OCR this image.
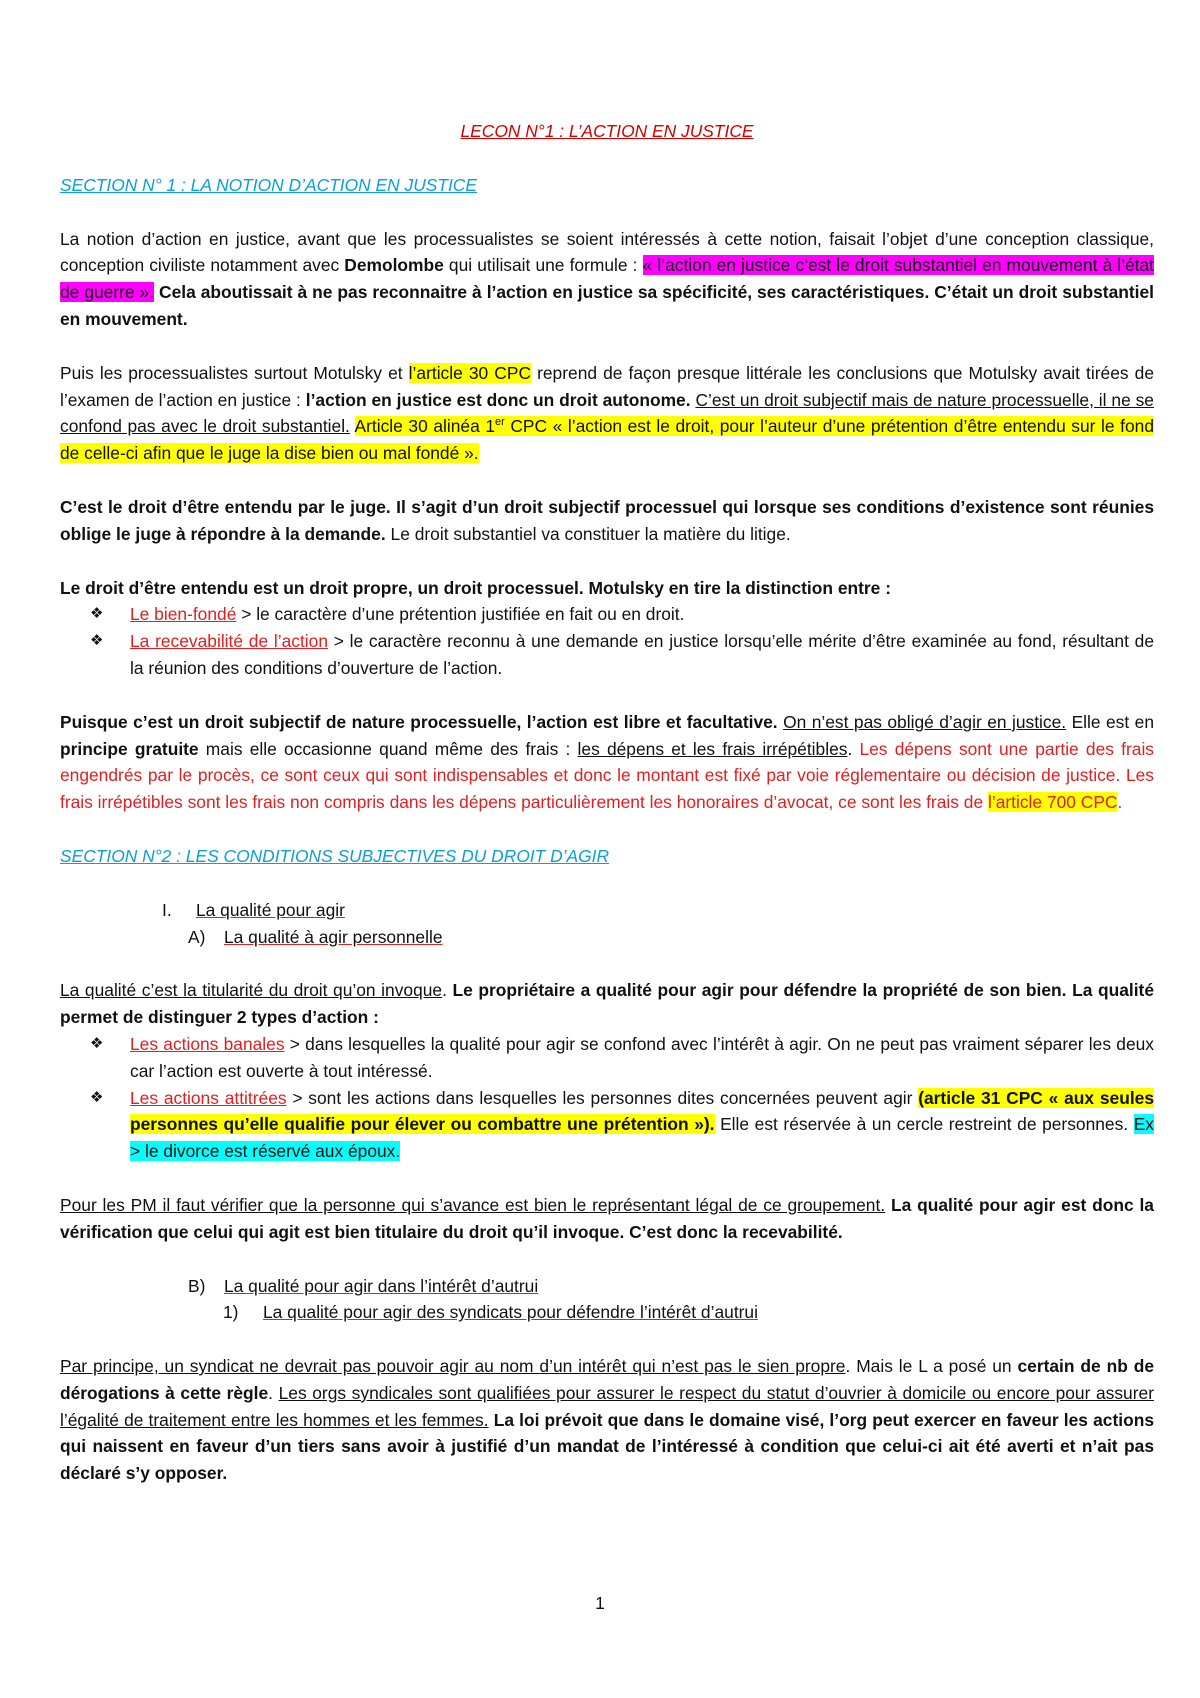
LECON N°1 : L’ACTION EN JUSTICE

SECTION N° 1 : LA NOTION D’ACTION EN JUSTICE

La notion d’action en justice, avant que les processualistes se soient intéressés à cette notion, faisait l’objet d’une conception classique, conception civiliste notamment avec Demolombe qui utilisait une formule : « l’action en justice c’est le droit substantiel en mouvement à l’état de guerre ». Cela aboutissait à ne pas reconnaitre à l’action en justice sa spécificité, ses caractéristiques. C’était un droit substantiel en mouvement.

Puis les processualistes surtout Motulsky et l’article 30 CPC reprend de façon presque littérale les conclusions que Motulsky avait tirées de l’examen de l’action en justice : l’action en justice est donc un droit autonome. C’est un droit subjectif mais de nature processuelle, il ne se confond pas avec le droit substantiel. Article 30 alinéa 1er CPC « l’action est le droit, pour l’auteur d’une prétention d’être entendu sur le fond de celle-ci afin que le juge la dise bien ou mal fondé ».

C’est le droit d’être entendu par le juge. Il s’agit d’un droit subjectif processuel qui lorsque ses conditions d’existence sont réunies oblige le juge à répondre à la demande. Le droit substantiel va constituer la matière du litige.

Le droit d’être entendu est un droit propre, un droit processuel. Motulsky en tire la distinction entre :

❖ Le bien-fondé > le caractère d’une prétention justifiée en fait ou en droit.
❖ La recevabilité de l’action > le caractère reconnu à une demande en justice lorsqu’elle mérite d’être examinée au fond, résultant de la réunion des conditions d’ouverture de l’action.

Puisque c’est un droit subjectif de nature processuelle, l’action est libre et facultative. On n’est pas obligé d’agir en justice. Elle est en principe gratuite mais elle occasionne quand même des frais : les dépens et les frais irrépétibles. Les dépens sont une partie des frais engendrés par le procès, ce sont ceux qui sont indispensables et donc le montant est fixé par voie réglementaire ou décision de justice. Les frais irrépétibles sont les frais non compris dans les dépens particulièrement les honoraires d’avocat, ce sont les frais de l’article 700 CPC.

SECTION N°2 : LES CONDITIONS SUBJECTIVES DU DROIT D’AGIR

I. La qualité pour agir

A) La qualité à agir personnelle

La qualité c’est la titularité du droit qu’on invoque. Le propriétaire a qualité pour agir pour défendre la propriété de son bien. La qualité permet de distinguer 2 types d’action :

❖ Les actions banales > dans lesquelles la qualité pour agir se confond avec l’intérêt à agir. On ne peut pas vraiment séparer les deux car l’action est ouverte à tout intéressé.
❖ Les actions attitrées > sont les actions dans lesquelles les personnes dites concernées peuvent agir (article 31 CPC « aux seules personnes qu’elle qualifie pour élever ou combattre une prétention »). Elle est réservée à un cercle restreint de personnes. Ex > le divorce est réservé aux époux.

Pour les PM il faut vérifier que la personne qui s’avance est bien le représentant légal de ce groupement. La qualité pour agir est donc la vérification que celui qui agit est bien titulaire du droit qu’il invoque. C’est donc la recevabilité.

B) La qualité pour agir dans l’intérêt d’autrui

1) La qualité pour agir des syndicats pour défendre l’intérêt d’autrui

Par principe, un syndicat ne devrait pas pouvoir agir au nom d’un intérêt qui n’est pas le sien propre. Mais le L a posé un certain de nb de dérogations à cette règle. Les orgs syndicales sont qualifiées pour assurer le respect du statut d’ouvrier à domicile ou encore pour assurer l’égalité de traitement entre les hommes et les femmes. La loi prévoit que dans le domaine visé, l’org peut exercer en faveur les actions qui naissent en faveur d’un tiers sans avoir à justifié d’un mandat de l’intéressé à condition que celui-ci ait été averti et n’ait pas déclaré s’y opposer.

1
